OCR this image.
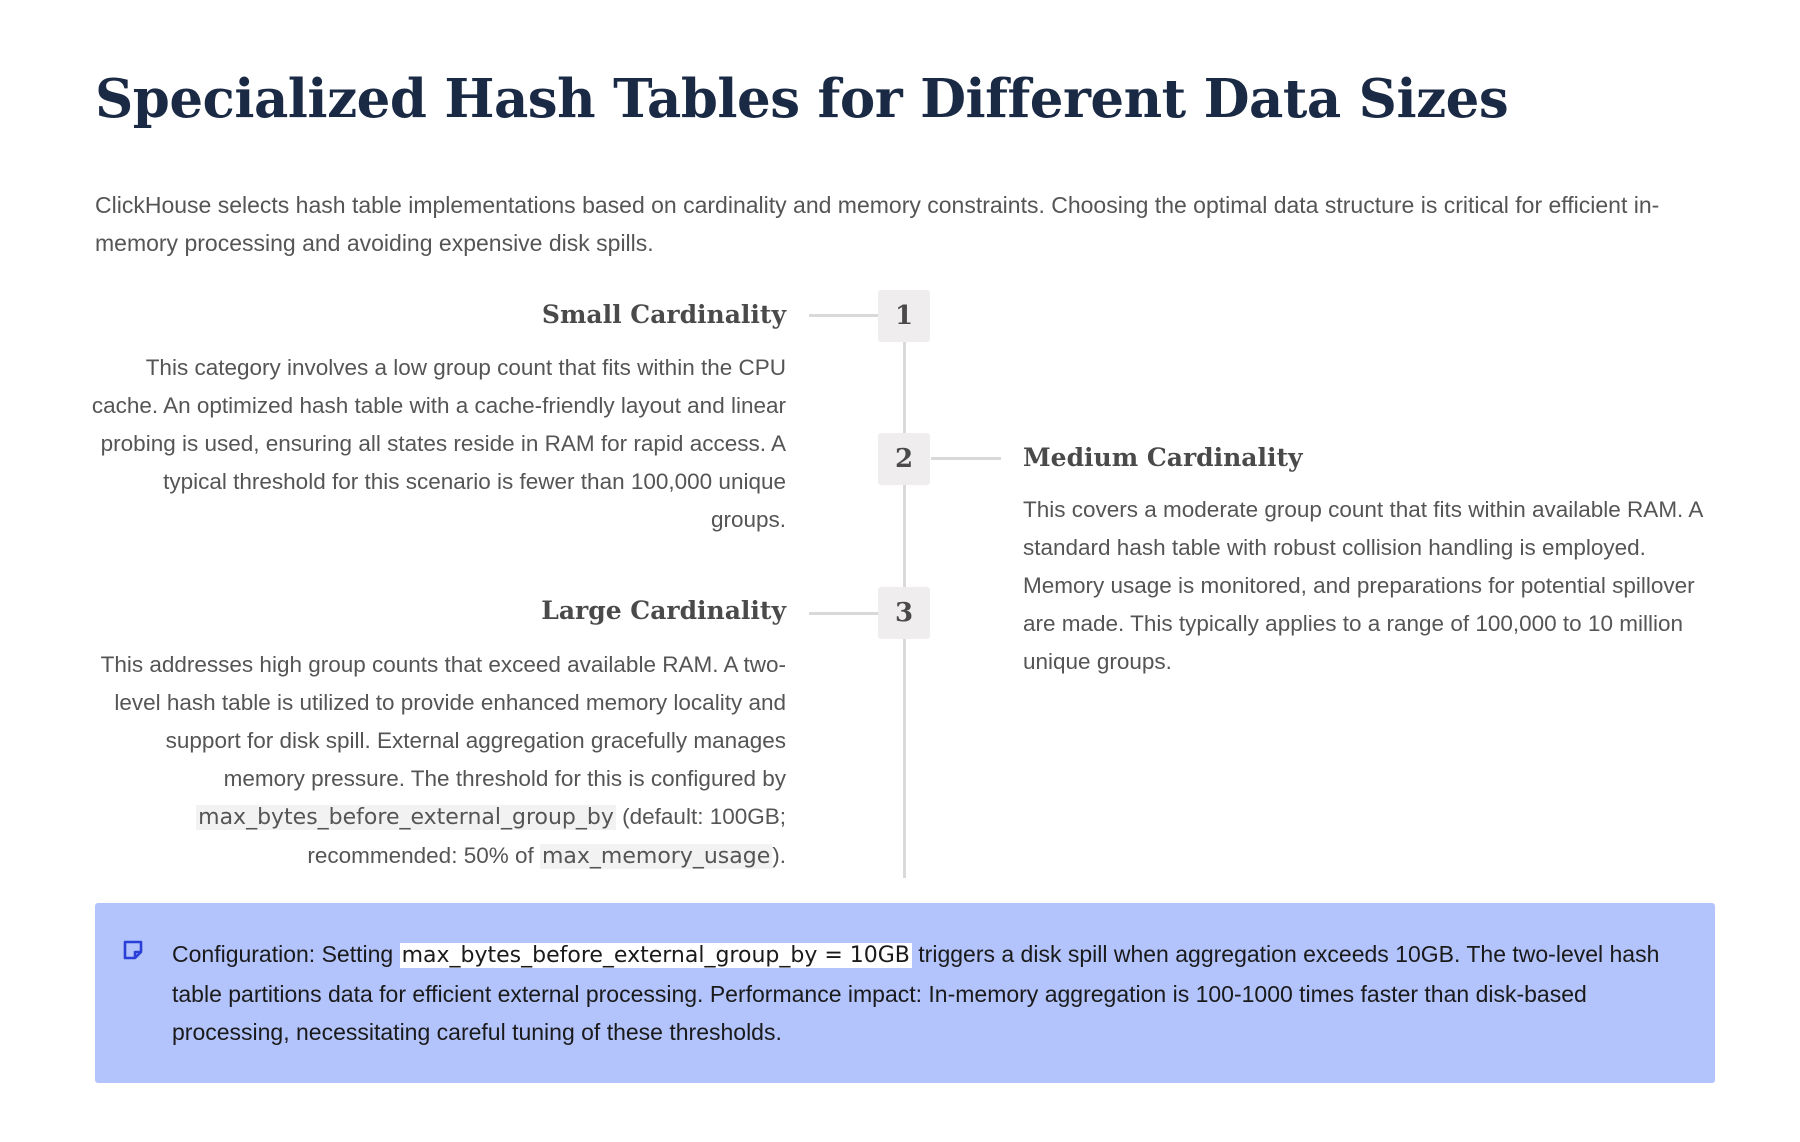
Specialized Hash Tables for Different Data Sizes

ClickHouse selects hash table implementations based on cardinality and memory constraints. Choosing the optimal data structure is critical for efficient in-memory processing and avoiding expensive disk spills.

1
2
3
Small Cardinality

This category involves a low group count that fits within the CPU cache. An optimized hash table with a cache-friendly layout and linear probing is used, ensuring all states reside in RAM for rapid access. A typical threshold for this scenario is fewer than 100,000 unique groups.

Medium Cardinality

This covers a moderate group count that fits within available RAM. A standard hash table with robust collision handling is employed. Memory usage is monitored, and preparations for potential spillover are made. This typically applies to a range of 100,000 to 10 million unique groups.

Large Cardinality

This addresses high group counts that exceed available RAM. A two-level hash table is utilized to provide enhanced memory locality and support for disk spill. External aggregation gracefully manages memory pressure. The threshold for this is configured by max_bytes_before_external_group_by (default: 100GB; recommended: 50% of max_memory_usage).

Configuration: Setting max_bytes_before_external_group_by = 10GB triggers a disk spill when aggregation exceeds 10GB. The two-level hash table partitions data for efficient external processing. Performance impact: In-memory aggregation is 100-1000 times faster than disk-based processing, necessitating careful tuning of these thresholds.
